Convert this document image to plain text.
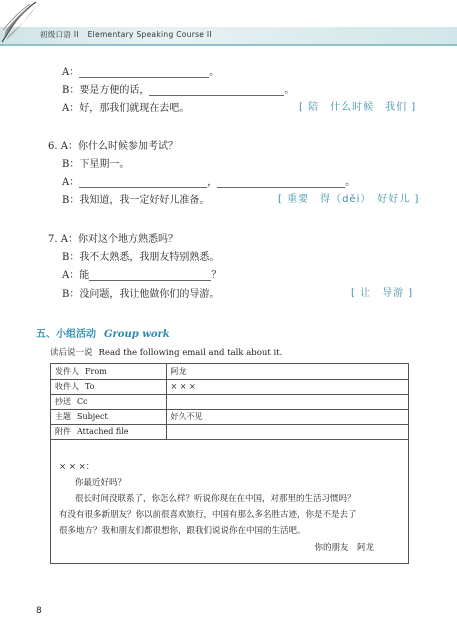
初级口语 II Elementary Speaking Course II
A：	。
B：要是方便的话，	。
A：好，那我们就现在去吧。	[ 陪　什么时候　我们 ]
6. A：你什么时候参加考试？
B：下星期一。
A：	，	。
B：我知道，我一定好好儿准备。	[ 重要　得（děi）　好好儿 ]
7. A：你对这个地方熟悉吗？
B：我不太熟悉，我朋友特别熟悉。
A：能	？
B：没问题，我让他做你们的导游。	[ 让　导游 ]
五、小组活动 Group work
读后说一说 Read the following email and talk about it.
发件人 From	阿龙
收件人 To	× × ×
抄送 Cc	
主题 Subject	好久不见
附件 Attached file	

× × ×：

你最近好吗？

很长时间没联系了，你怎么样？听说你现在在中国，对那里的生活习惯吗？

有没有很多新朋友？你以前很喜欢旅行，中国有那么多名胜古迹，你是不是去了

很多地方？我和朋友们都很想你，跟我们说说你在中国的生活吧。

你的朋友　阿龙

8
